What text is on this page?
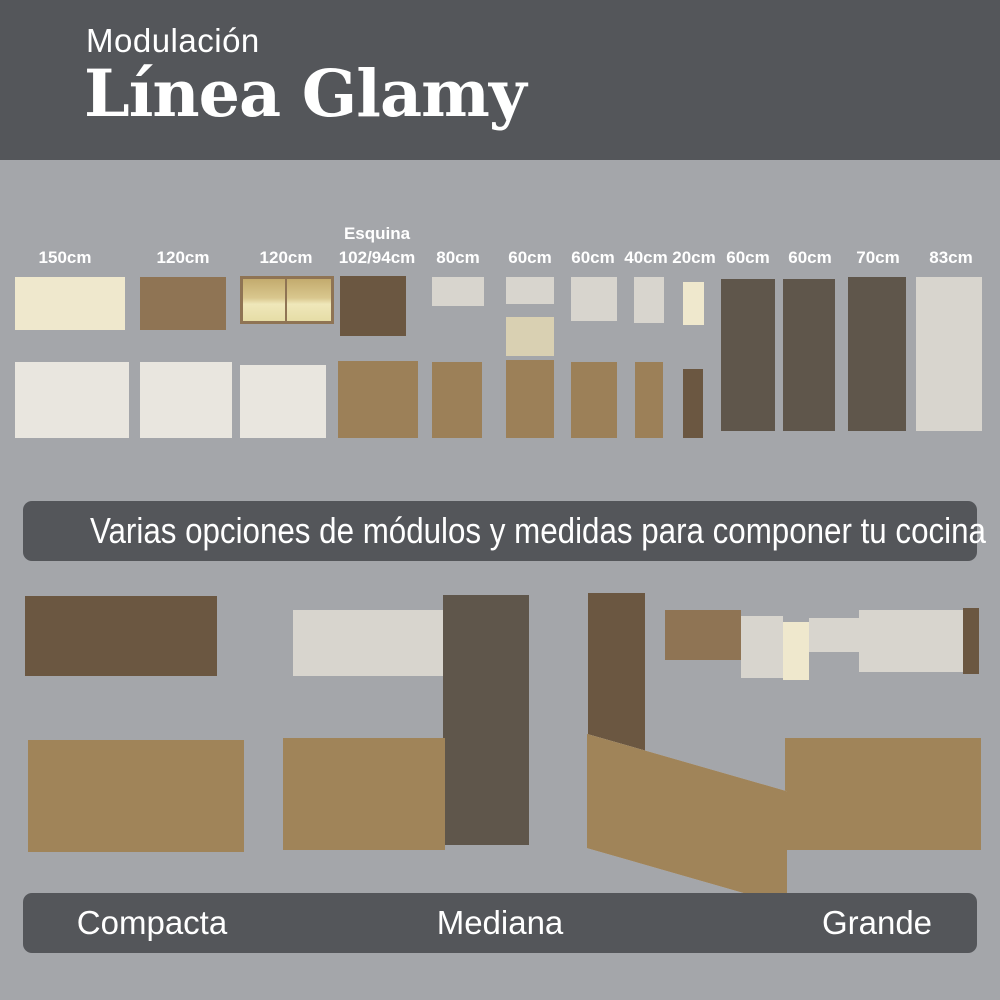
Modulación
Línea Glamy
150cm	120cm	120cm
Esquina
102/94cm	80cm	60cm	60cm 40cm 20cm 60cm	60cm	70cm	83cm
Varias opciones de módulos y medidas para componer tu cocina
Compacta	Mediana	Grande
